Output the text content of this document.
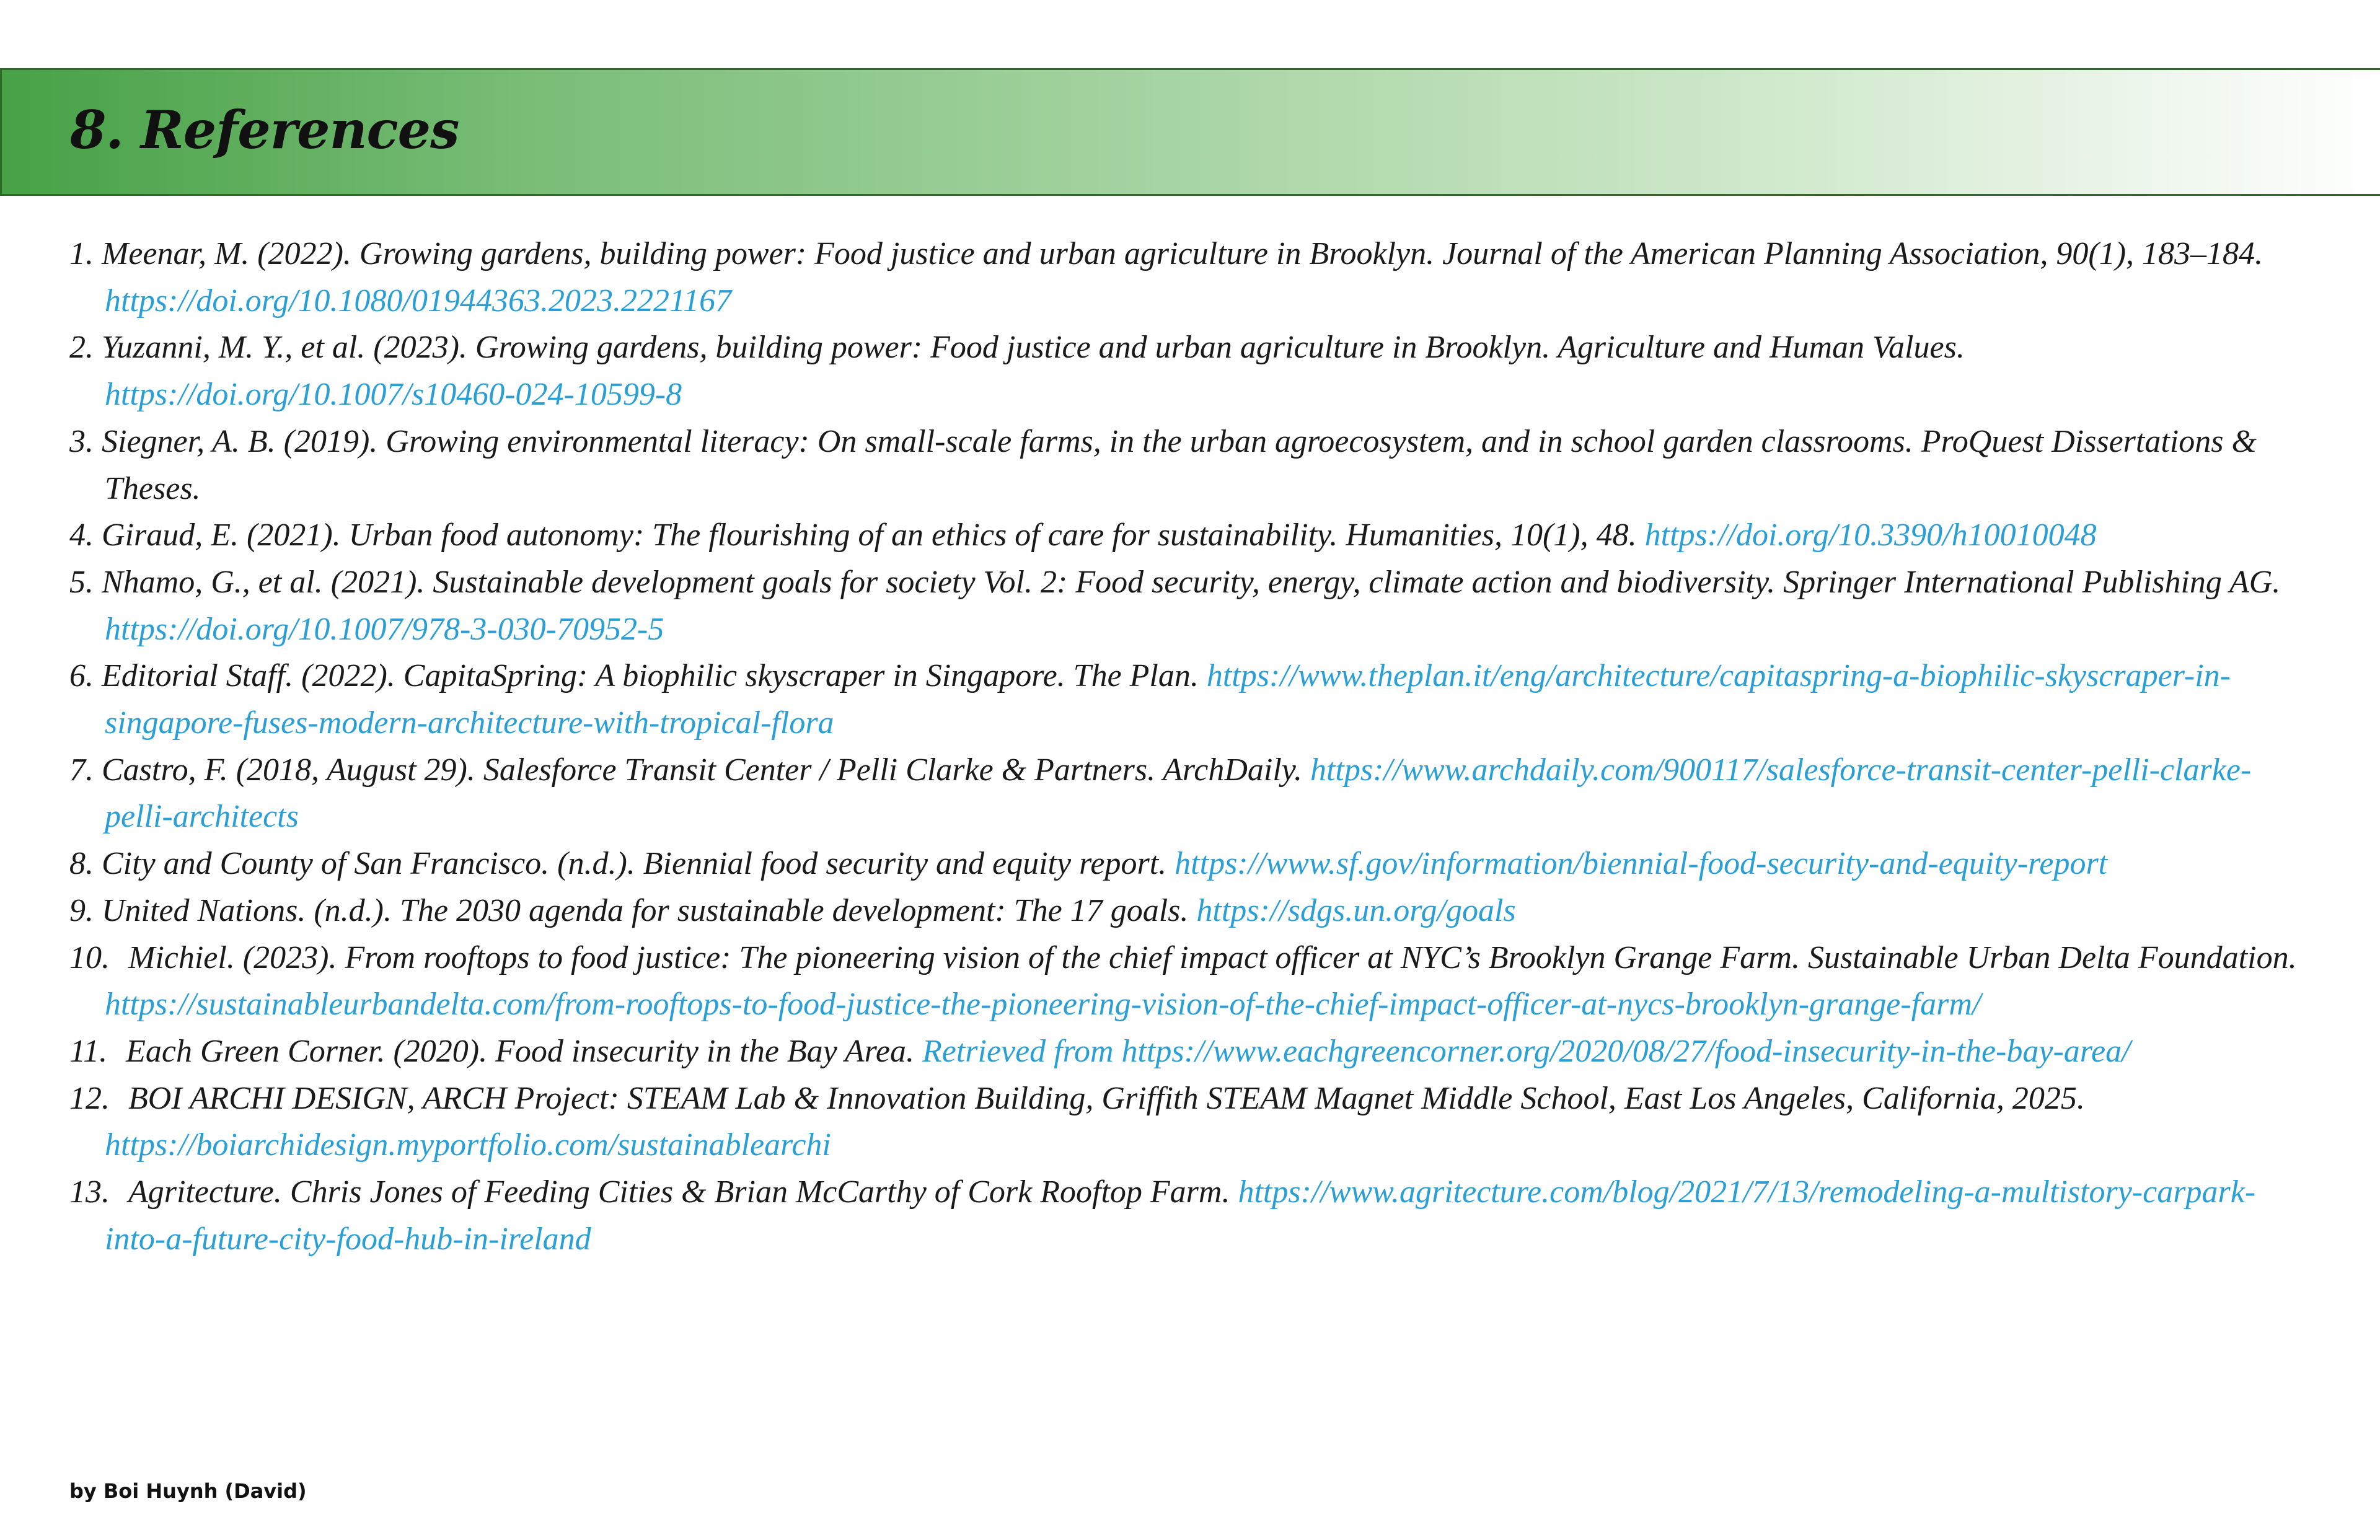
8. References
1. Meenar, M. (2022). Growing gardens, building power: Food justice and urban agriculture in Brooklyn. Journal of the American Planning Association, 90(1), 183–184. https://doi.org/10.1080/01944363.2023.2221167
2. Yuzanni, M. Y., et al. (2023). Growing gardens, building power: Food justice and urban agriculture in Brooklyn. Agriculture and Human Values. https://doi.org/10.1007/s10460-024-10599-8
3. Siegner, A. B. (2019). Growing environmental literacy: On small-scale farms, in the urban agroecosystem, and in school garden classrooms. ProQuest Dissertations & Theses.
4. Giraud, E. (2021). Urban food autonomy: The flourishing of an ethics of care for sustainability. Humanities, 10(1), 48. https://doi.org/10.3390/h10010048
5. Nhamo, G., et al. (2021). Sustainable development goals for society Vol. 2: Food security, energy, climate action and biodiversity. Springer International Publishing AG. https://doi.org/10.1007/978-3-030-70952-5
6. Editorial Staff. (2022). CapitaSpring: A biophilic skyscraper in Singapore. The Plan. https://www.theplan.it/eng/architecture/capitaspring-a-biophilic-skyscraper-in-singapore-fuses-modern-architecture-with-tropical-flora
7. Castro, F. (2018, August 29). Salesforce Transit Center / Pelli Clarke & Partners. ArchDaily. https://www.archdaily.com/900117/salesforce-transit-center-pelli-clarke-pelli-architects
8. City and County of San Francisco. (n.d.). Biennial food security and equity report. https://www.sf.gov/information/biennial-food-security-and-equity-report
9. United Nations. (n.d.). The 2030 agenda for sustainable development: The 17 goals. https://sdgs.un.org/goals
10. Michiel. (2023). From rooftops to food justice: The pioneering vision of the chief impact officer at NYC’s Brooklyn Grange Farm. Sustainable Urban Delta Foundation. https://sustainableurbandelta.com/from-rooftops-to-food-justice-the-pioneering-vision-of-the-chief-impact-officer-at-nycs-brooklyn-grange-farm/
11. Each Green Corner. (2020). Food insecurity in the Bay Area. Retrieved from https://www.eachgreencorner.org/2020/08/27/food-insecurity-in-the-bay-area/
12. BOI ARCHI DESIGN, ARCH Project: STEAM Lab & Innovation Building, Griffith STEAM Magnet Middle School, East Los Angeles, California, 2025. https://boiarchidesign.myportfolio.com/sustainablearchi
13. Agritecture. Chris Jones of Feeding Cities & Brian McCarthy of Cork Rooftop Farm. https://www.agritecture.com/blog/2021/7/13/remodeling-a-multistory-carpark-into-a-future-city-food-hub-in-ireland
by Boi Huynh (David)
